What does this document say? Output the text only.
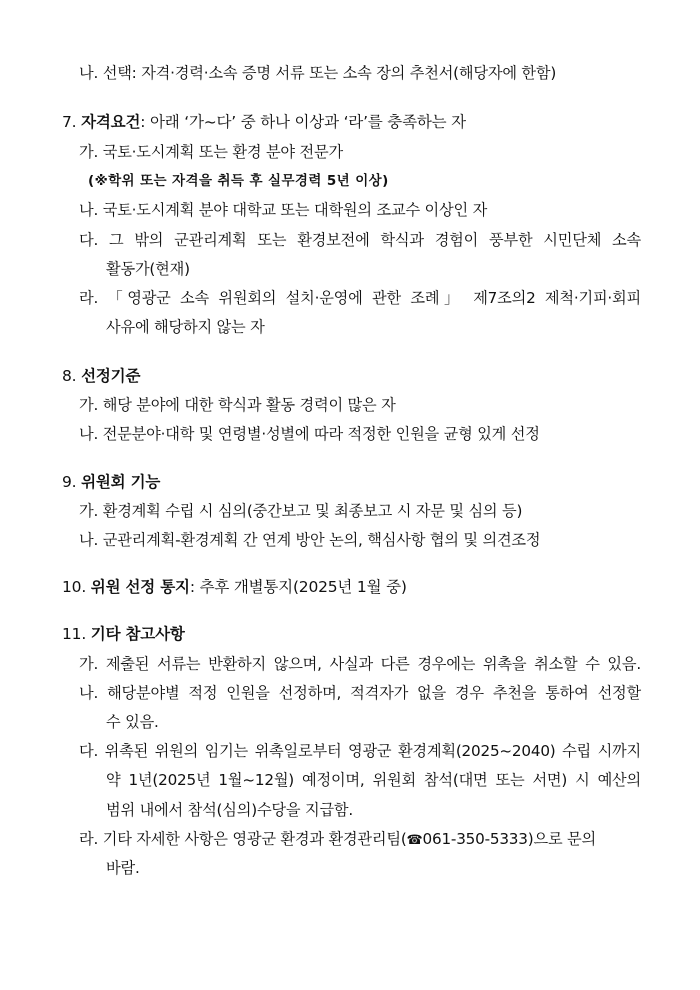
나. 선택: 자격·경력·소속 증명 서류 또는 소속 장의 추천서(해당자에 한함)
7. 자격요건: 아래 ‘가~다’ 중 하나 이상과 ‘라’를 충족하는 자
가. 국토·도시계획 또는 환경 분야 전문가
(※학위 또는 자격을 취득 후 실무경력 5년 이상)
나. 국토·도시계획 분야 대학교 또는 대학원의 조교수 이상인 자
다. 그 밖의 군관리계획 또는 환경보전에 학식과 경험이 풍부한 시민단체 소속
활동가(현재)
라. 「영광군 소속 위원회의 설치·운영에 관한 조례」 제7조의2 제척·기피·회피
사유에 해당하지 않는 자
8. 선정기준
가. 해당 분야에 대한 학식과 활동 경력이 많은 자
나. 전문분야·대학 및 연령별·성별에 따라 적정한 인원을 균형 있게 선정
9. 위원회 기능
가. 환경계획 수립 시 심의(중간보고 및 최종보고 시 자문 및 심의 등)
나. 군관리계획-환경계획 간 연계 방안 논의, 핵심사항 협의 및 의견조정
10. 위원 선정 통지: 추후 개별통지(2025년 1월 중)
11. 기타 참고사항
가. 제출된 서류는 반환하지 않으며, 사실과 다른 경우에는 위촉을 취소할 수 있음.
나. 해당분야별 적정 인원을 선정하며, 적격자가 없을 경우 추천을 통하여 선정할
수 있음.
다. 위촉된 위원의 임기는 위촉일로부터 영광군 환경계획(2025~2040) 수립 시까지
약 1년(2025년 1월~12월) 예정이며, 위원회 참석(대면 또는 서면) 시 예산의
범위 내에서 참석(심의)수당을 지급함.
라. 기타 자세한 사항은 영광군 환경과 환경관리팀(☎061-350-5333)으로 문의
바람.
